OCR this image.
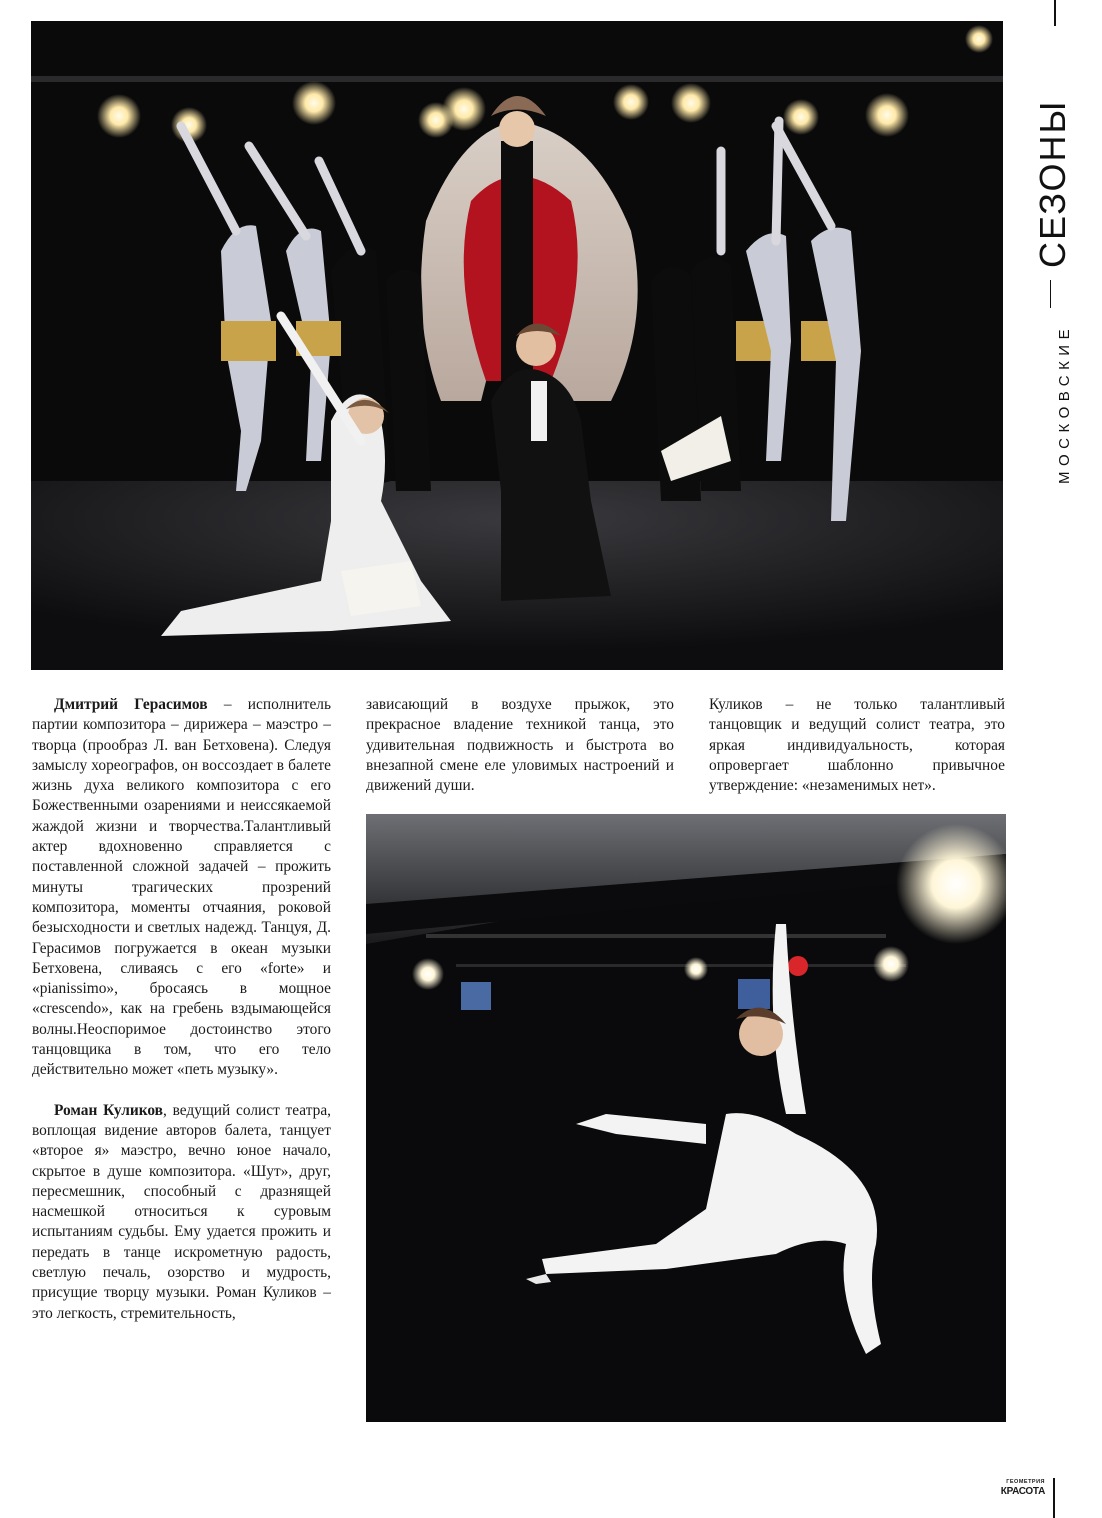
Дмитрий Герасимов – исполнитель партии композитора – дирижера – маэстро – творца (прообраз Л. ван Бетховена). Следуя замыслу хореографов, он воссоздает в балете жизнь духа великого композитора с его Божественными озарениями и неиссякаемой жаждой жизни и творчества.Талантливый актер вдохновенно справляется с поставленной сложной задачей – прожить минуты трагических прозрений композитора, моменты отчаяния, роковой безысходности и светлых надежд. Танцуя, Д. Герасимов погружается в океан музыки Бетховена, сливаясь с его «forte» и «pianissimo», бросаясь в мощное «crescendo», как на гребень вздымающейся волны.Неоспоримое достоинство этого танцовщика в том, что его тело действительно может «петь музыку».

Роман Куликов, ведущий солист театра, воплощая видение авторов балета, танцует «второе я» маэстро, вечно юное начало, скрытое в душе композитора. «Шут», друг, пересмешник, способный с дразнящей насмешкой относиться к суровым испытаниям судьбы. Ему удается прожить и передать в танце искрометную радость, светлую печаль, озорство и мудрость, присущие творцу музыки. Роман Куликов – это легкость, стремительность,

зависающий в воздухе прыжок, это прекрасное владение техникой танца, это удивительная подвижность и быстрота во внезапной смене еле уловимых настроений и движений души.

Куликов – не только талантливый танцовщик и ведущий солист театра, это яркая индивидуальность, которая опровергает шаблонно привычное утверждение: «незаменимых нет».

СЕЗОНЫ
МОСКОВСКИЕ
ГЕОМЕТРИЯ
КРАСОТА
